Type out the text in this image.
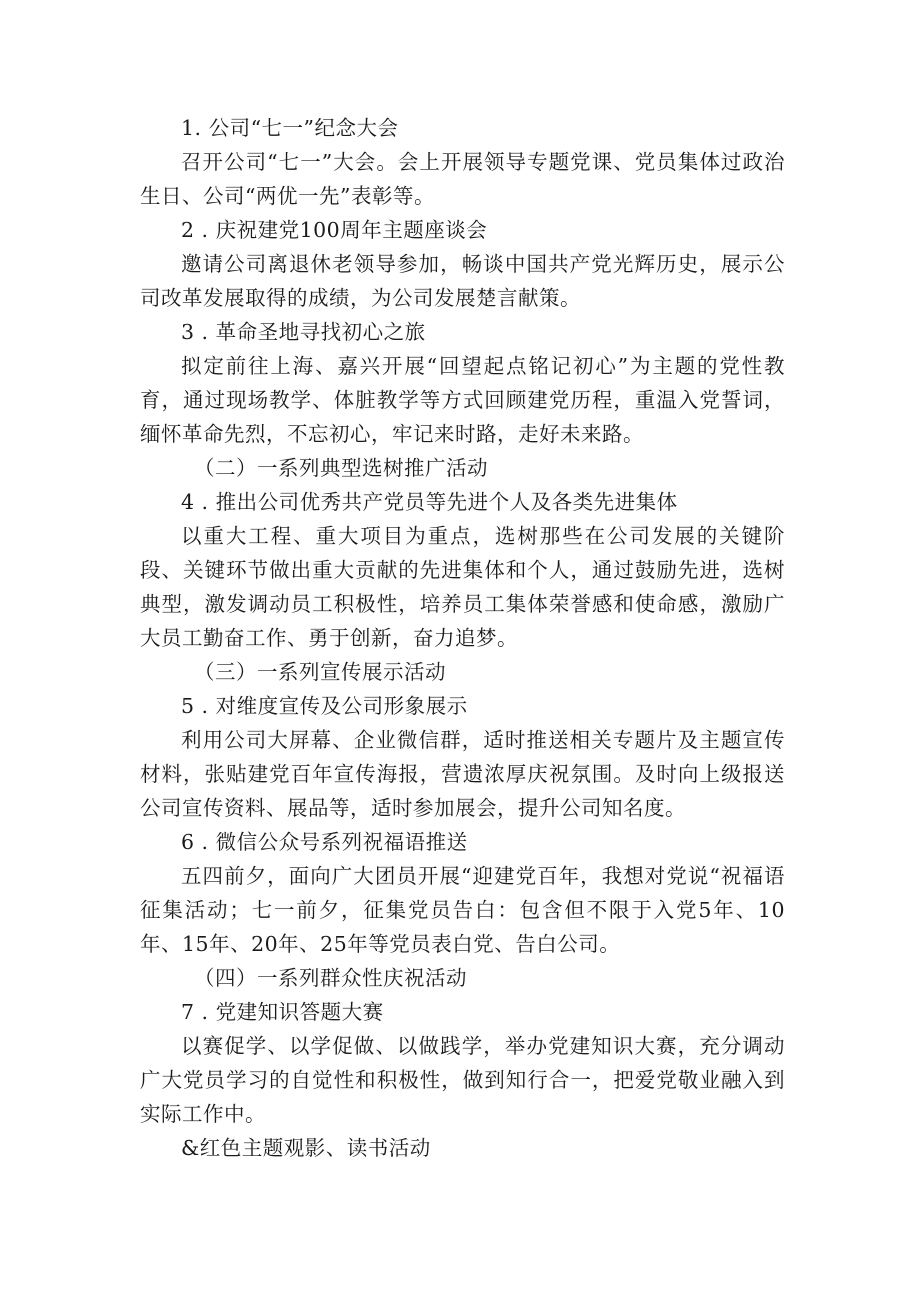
1. 公司“七一”纪念大会

召开公司“七一”大会。会上开展领导专题党课、党员集体过政治生日、公司“两优一先”表彰等。

2 . 庆祝建党100周年主题座谈会

邀请公司离退休老领导参加，畅谈中国共产党光辉历史，展示公司改革发展取得的成绩，为公司发展楚言献策。

3 . 革命圣地寻找初心之旅

拟定前往上海、嘉兴开展“回望起点铭记初心”为主题的党性教育，通过现场教学、体脏教学等方式回顾建党历程，重温入党誓词，缅怀革命先烈，不忘初心，牢记来时路，走好未来路。

（二）一系列典型选树推广活动
4 . 推出公司优秀共产党员等先进个人及各类先进集体

以重大工程、重大项目为重点，选树那些在公司发展的关键阶段、关键环节做出重大贡献的先进集体和个人，通过鼓励先进，选树典型，激发调动员工积极性，培养员工集体荣誉感和使命感，激励广大员工勤奋工作、勇于创新，奋力追梦。

（三）一系列宣传展示活动
5 . 对维度宣传及公司形象展示

利用公司大屏幕、企业微信群，适时推送相关专题片及主题宣传材料，张贴建党百年宣传海报，营遗浓厚庆祝氛围。及时向上级报送公司宣传资料、展品等，适时参加展会，提升公司知名度。

6 . 微信公众号系列祝福语推送

五四前夕，面向广大团员开展“迎建党百年，我想对党说“祝福语征集活动；七一前夕，征集党员告白：包含但不限于入党5年、10年、15年、20年、25年等党员表白党、告白公司。

（四）一系列群众性庆祝活动
7 . 党建知识答题大赛

以赛促学、以学促做、以做践学，举办党建知识大赛，充分调动广大党员学习的自觉性和积极性，做到知行合一，把爱党敬业融入到实际工作中。

&红色主题观影、读书活动
